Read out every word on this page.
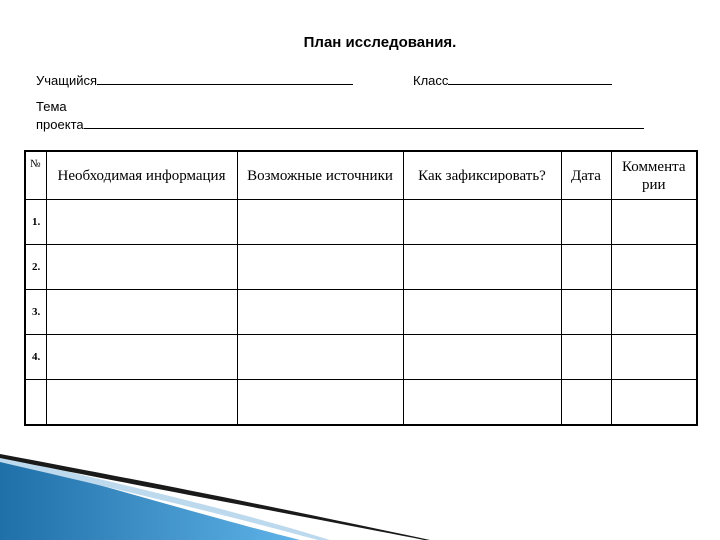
План исследования.
Учащийся	Класс
Тема
проекта
№	Необходимая информация	Возможные источники	Как зафиксировать?	Дата	Коммента рии
1.					
2.					
3.					
4.					
